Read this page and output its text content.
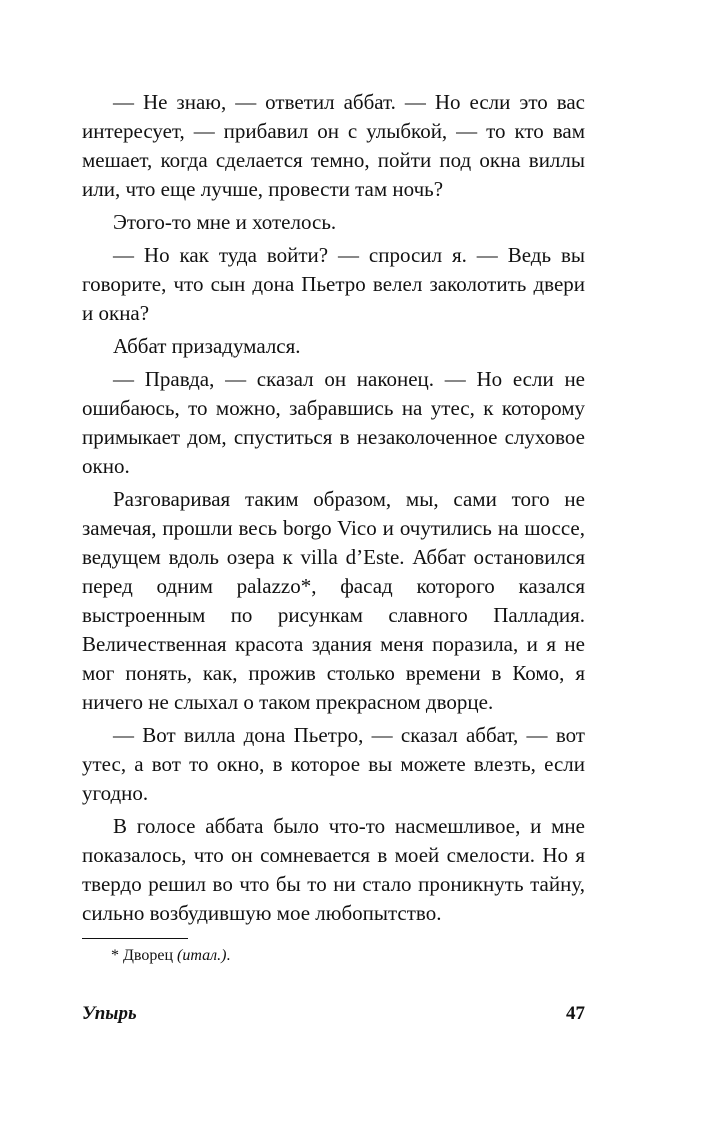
— Не знаю, — ответил аббат. — Но если это вас интересует, — прибавил он с улыбкой, — то кто вам мешает, когда сделается темно, пойти под окна виллы или, что еще лучше, провести там ночь?

Этого-то мне и хотелось.

— Но как туда войти? — спросил я. — Ведь вы говорите, что сын дона Пьетро велел заколотить двери и окна?

Аббат призадумался.

— Правда, — сказал он наконец. — Но если не ошибаюсь, то можно, забравшись на утес, к которому примыкает дом, спуститься в незаколоченное слуховое окно.

Разговаривая таким образом, мы, сами того не замечая, прошли весь borgo Vico и очутились на шоссе, ведущем вдоль озера к villa d’Este. Аббат остановился перед одним palazzo*, фасад которого казался выстроенным по рисункам славного Палладия. Величественная красота здания меня поразила, и я не мог понять, как, прожив столько времени в Комо, я ничего не слыхал о таком прекрасном дворце.

— Вот вилла дона Пьетро, — сказал аббат, — вот утес, а вот то окно, в которое вы можете влезть, если угодно.

В голосе аббата было что-то насмешливое, и мне показалось, что он сомневается в моей смелости. Но я твердо решил во что бы то ни стало проникнуть тайну, сильно возбудившую мое любопытство.

* Дворец (итал.).
Упырь	47
